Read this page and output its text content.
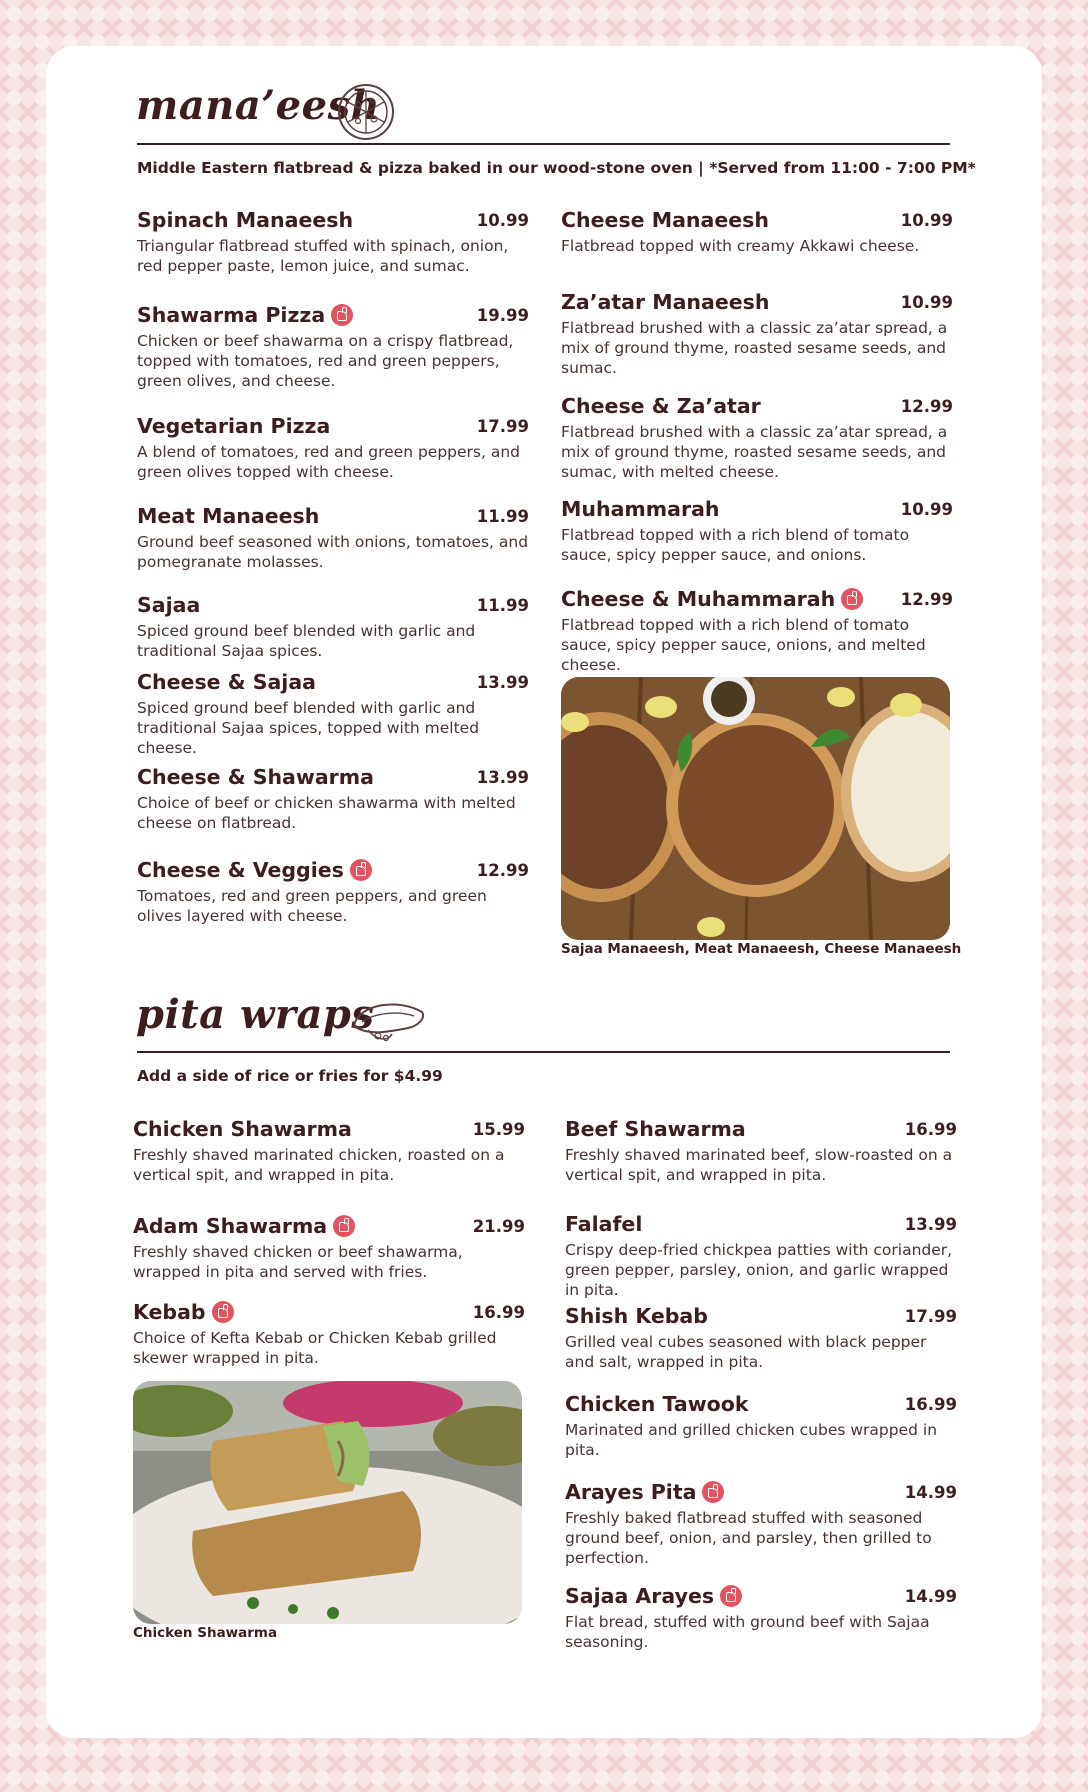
mana’eesh
Middle Eastern flatbread & pizza baked in our wood-stone oven | *Served from 11:00 - 7:00 PM*
Spinach Manaeesh	10.99
Triangular flatbread stuffed with spinach, onion, red pepper paste, lemon juice, and sumac.
Shawarma Pizza	19.99
Chicken or beef shawarma on a crispy flatbread, topped with tomatoes, red and green peppers, green olives, and cheese.
Vegetarian Pizza	17.99
A blend of tomatoes, red and green peppers, and green olives topped with cheese.
Meat Manaeesh	11.99
Ground beef seasoned with onions, tomatoes, and pomegranate molasses.
Sajaa	11.99
Spiced ground beef blended with garlic and traditional Sajaa spices.
Cheese & Sajaa	13.99
Spiced ground beef blended with garlic and traditional Sajaa spices, topped with melted cheese.
Cheese & Shawarma	13.99
Choice of beef or chicken shawarma with melted cheese on flatbread.
Cheese & Veggies	12.99
Tomatoes, red and green peppers, and green olives layered with cheese.
Cheese Manaeesh	10.99
Flatbread topped with creamy Akkawi cheese.
Za’atar Manaeesh	10.99
Flatbread brushed with a classic za’atar spread, a mix of ground thyme, roasted sesame seeds, and sumac.
Cheese & Za’atar	12.99
Flatbread brushed with a classic za’atar spread, a mix of ground thyme, roasted sesame seeds, and sumac, with melted cheese.
Muhammarah	10.99
Flatbread topped with a rich blend of tomato sauce, spicy pepper sauce, and onions.
Cheese & Muhammarah	12.99
Flatbread topped with a rich blend of tomato sauce, spicy pepper sauce, onions, and melted cheese.
Sajaa Manaeesh, Meat Manaeesh, Cheese Manaeesh
pita wraps
Add a side of rice or fries for $4.99
Chicken Shawarma	15.99
Freshly shaved marinated chicken, roasted on a vertical spit, and wrapped in pita.
Adam Shawarma	21.99
Freshly shaved chicken or beef shawarma, wrapped in pita and served with fries.
Kebab	16.99
Choice of Kefta Kebab or Chicken Kebab grilled skewer wrapped in pita.
Beef Shawarma	16.99
Freshly shaved marinated beef, slow-roasted on a vertical spit, and wrapped in pita.
Falafel	13.99
Crispy deep-fried chickpea patties with coriander, green pepper, parsley, onion, and garlic wrapped in pita.
Shish Kebab	17.99
Grilled veal cubes seasoned with black pepper and salt, wrapped in pita.
Chicken Tawook	16.99
Marinated and grilled chicken cubes wrapped in pita.
Arayes Pita	14.99
Freshly baked flatbread stuffed with seasoned ground beef, onion, and parsley, then grilled to perfection.
Sajaa Arayes	14.99
Flat bread, stuffed with ground beef with Sajaa seasoning.
Chicken Shawarma
